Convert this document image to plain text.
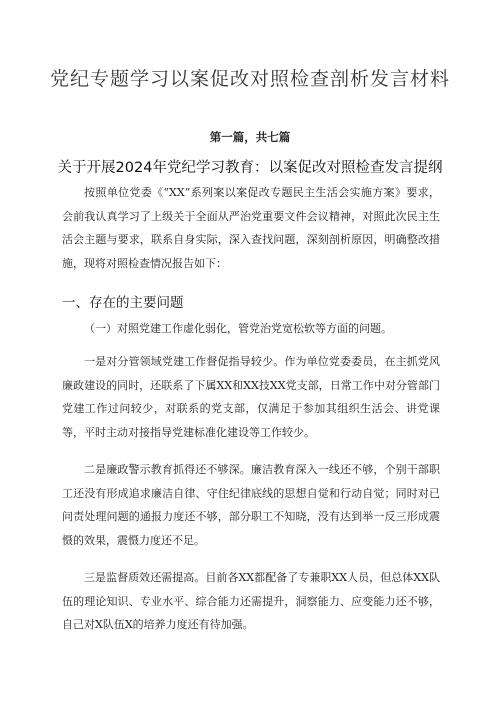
党纪专题学习以案促改对照检查剖析发言材料
第一篇，共七篇
关于开展2024年党纪学习教育：以案促改对照检查发言提纲

按照单位党委《“XX”系列案以案促改专题民主生活会实施方案》要求，会前我认真学习了上级关于全面从严治党重要文件会议精神，对照此次民主生活会主题与要求，联系自身实际，深入查找问题，深刻剖析原因，明确整改措施，现将对照检查情况报告如下：

一、存在的主要问题
（一）对照党建工作虚化弱化，管党治党宽松软等方面的问题。

一是对分管领域党建工作督促指导较少。作为单位党委委员，在主抓党风廉政建设的同时，还联系了下属XX和XX技XX党支部，日常工作中对分管部门党建工作过问较少，对联系的党支部，仅满足于参加其组织生活会、讲党课等，平时主动对接指导党建标准化建设等工作较少。

二是廉政警示教育抓得还不够深。廉洁教育深入一线还不够，个别干部职工还没有形成追求廉洁自律、守住纪律底线的思想自觉和行动自觉；同时对已问责处理问题的通报力度还不够，部分职工不知晓，没有达到举一反三形成震慑的效果，震慑力度还不足。

三是监督质效还需提高。目前各XX都配备了专兼职XX人员，但总体XX队伍的理论知识、专业水平、综合能力还需提升，洞察能力、应变能力还不够，自己对X队伍X的培养力度还有待加强。
